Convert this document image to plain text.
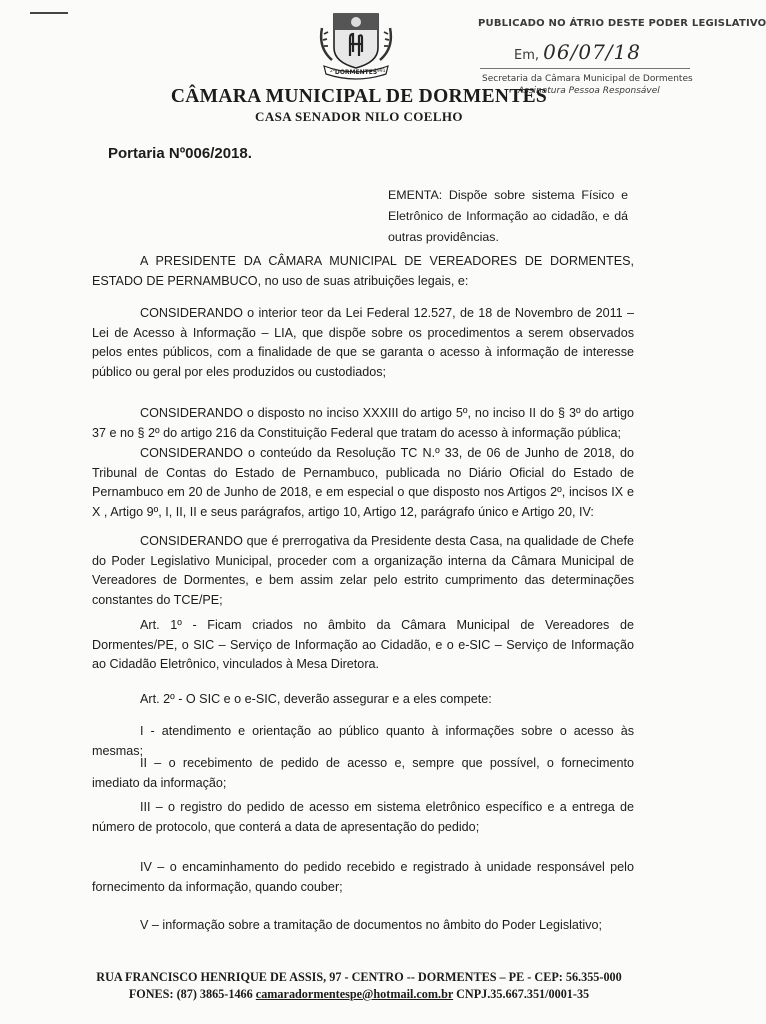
DORMENTES
2º	1991
PUBLICADO NO ÁTRIO DESTE PODER LEGISLATIVO
Em, 06/07/18
Secretaria da Câmara Municipal de Dormentes
Assinatura Pessoa Responsável
CÂMARA MUNICIPAL DE DORMENTES
CASA SENADOR NILO COELHO
Portaria Nº006/2018.
EMENTA: Dispõe sobre sistema Físico e Eletrônico de Informação ao cidadão, e dá outras providências.
A PRESIDENTE DA CÂMARA MUNICIPAL DE VEREADORES DE DORMENTES, ESTADO DE PERNAMBUCO, no uso de suas atribuições legais, e:
CONSIDERANDO o interior teor da Lei Federal 12.527, de 18 de Novembro de 2011 – Lei de Acesso à Informação – LIA, que dispõe sobre os procedimentos a serem observados pelos entes públicos, com a finalidade de que se garanta o acesso à informação de interesse público ou geral por eles produzidos ou custodiados;
CONSIDERANDO o disposto no inciso XXXIII do artigo 5º, no inciso II do § 3º do artigo 37 e no § 2º do artigo 216 da Constituição Federal que tratam do acesso à informação pública;
CONSIDERANDO o conteúdo da Resolução TC N.º 33, de 06 de Junho de 2018, do Tribunal de Contas do Estado de Pernambuco, publicada no Diário Oficial do Estado de Pernambuco em 20 de Junho de 2018, e em especial o que disposto nos Artigos 2º, incisos IX e X , Artigo 9º, I, II, II e seus parágrafos, artigo 10, Artigo 12, parágrafo único e Artigo 20, IV:
CONSIDERANDO que é prerrogativa da Presidente desta Casa, na qualidade de Chefe do Poder Legislativo Municipal, proceder com a organização interna da Câmara Municipal de Vereadores de Dormentes, e bem assim zelar pelo estrito cumprimento das determinações constantes do TCE/PE;
Art. 1º - Ficam criados no âmbito da Câmara Municipal de Vereadores de Dormentes/PE, o SIC – Serviço de Informação ao Cidadão, e o e-SIC – Serviço de Informação ao Cidadão Eletrônico, vinculados à Mesa Diretora.
Art. 2º - O SIC e o e-SIC, deverão assegurar e a eles compete:
I - atendimento e orientação ao público quanto à informações sobre o acesso às mesmas;
II – o recebimento de pedido de acesso e, sempre que possível, o fornecimento imediato da informação;
III – o registro do pedido de acesso em sistema eletrônico específico e a entrega de número de protocolo, que conterá a data de apresentação do pedido;
IV – o encaminhamento do pedido recebido e registrado à unidade responsável pelo fornecimento da informação, quando couber;
V – informação sobre a tramitação de documentos no âmbito do Poder Legislativo;
RUA FRANCISCO HENRIQUE DE ASSIS, 97 - CENTRO -- DORMENTES – PE - CEP: 56.355-000
FONES: (87) 3865-1466 camaradormentespe@hotmail.com.br CNPJ.35.667.351/0001-35
